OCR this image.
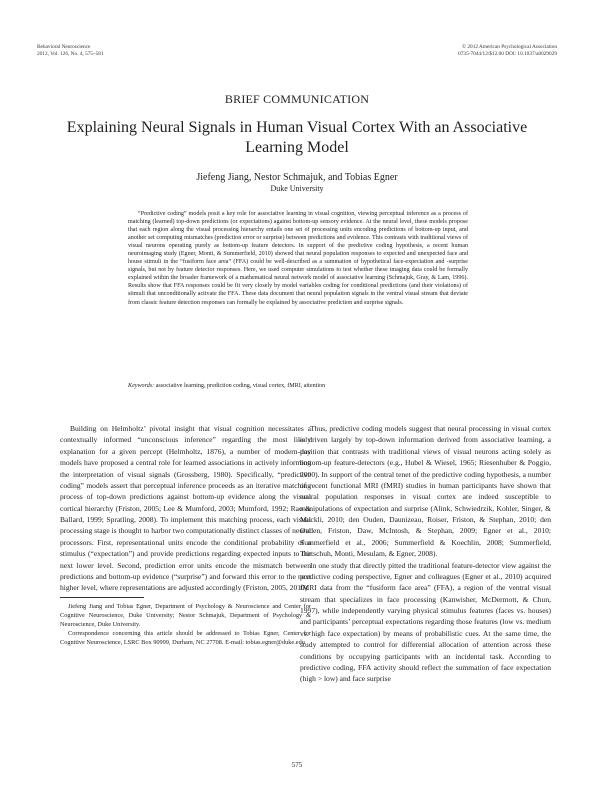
Behavioral Neuroscience
2012, Vol. 126, No. 4, 575–581
© 2012 American Psychological Association
0735-7044/12/$12.00 DOI: 10.1037/a0029029
BRIEF COMMUNICATION
Explaining Neural Signals in Human Visual Cortex With an Associative Learning Model
Jiefeng Jiang, Nestor Schmajuk, and Tobias Egner
Duke University

“Predictive coding” models posit a key role for associative learning in visual cognition, viewing perceptual inference as a process of matching (learned) top-down predictions (or expectations) against bottom-up sensory evidence. At the neural level, these models propose that each region along the visual processing hierarchy entails one set of processing units encoding predictions of bottom-up input, and another set computing mismatches (prediction error or surprise) between predictions and evidence. This contrasts with traditional views of visual neurons operating purely as bottom-up feature detectors. In support of the predictive coding hypothesis, a recent human neuroimaging study (Egner, Monti, & Summerfield, 2010) showed that neural population responses to expected and unexpected face and house stimuli in the “fusiform face area” (FFA) could be well-described as a summation of hypothetical face-expectation and -surprise signals, but not by feature detector responses. Here, we used computer simulations to test whether these imaging data could be formally explained within the broader framework of a mathematical neural network model of associative learning (Schmajuk, Gray, & Lam, 1996). Results show that FFA responses could be fit very closely by model variables coding for conditional predictions (and their violations) of stimuli that unconditionally activate the FFA. These data document that neural population signals in the ventral visual stream that deviate from classic feature detection responses can formally be explained by associative prediction and surprise signals.

Keywords: associative learning, prediction coding, visual cortex, fMRI, attention

Building on Helmholtz’ pivotal insight that visual cognition necessitates a contextually informed “unconscious inference” regarding the most likely explanation for a given percept (Helmholtz, 1876), a number of modern-day models have proposed a central role for learned associations in actively informing the interpretation of visual signals (Grossberg, 1980). Specifically, “predictive coding” models assert that perceptual inference proceeds as an iterative matching process of top-down predictions against bottom-up evidence along the visual cortical hierarchy (Friston, 2005; Lee & Mumford, 2003; Mumford, 1992; Rao & Ballard, 1999; Spratling, 2008). To implement this matching process, each visual processing stage is thought to harbor two computationally distinct classes of neural processors. First, representational units encode the conditional probability of a stimulus (“expectation”) and provide predictions regarding expected inputs to the next lower level. Second, prediction error units encode the mismatch between predictions and bottom-up evidence (“surprise”) and forward this error to the next higher level, where representations are adjusted accordingly (Friston, 2005, 2010).

Thus, predictive coding models suggest that neural processing in visual cortex is driven largely by top-down information derived from associative learning, a position that contrasts with traditional views of visual neurons acting solely as bottom-up feature-detectors (e.g., Hubel & Wiesel, 1965; Riesenhuber & Poggio, 2000). In support of the central tenet of the predictive coding hypothesis, a number of recent functional MRI (fMRI) studies in human participants have shown that neural population responses in visual cortex are indeed susceptible to manipulations of expectation and surprise (Alink, Schwiedrzik, Kohler, Singer, & Muckli, 2010; den Ouden, Daunizeau, Roiser, Friston, & Stephan, 2010; den Ouden, Friston, Daw, McIntosh, & Stephan, 2009; Egner et al., 2010; Summerfield et al., 2006; Summerfield & Koechlin, 2008; Summerfield, Trittschuh, Monti, Mesulam, & Egner, 2008).

In one study that directly pitted the traditional feature-detector view against the predictive coding perspective, Egner and colleagues (Egner et al., 2010) acquired fMRI data from the “fusiform face area” (FFA), a region of the ventral visual stream that specializes in face processing (Kanwisher, McDermott, & Chun, 1997), while independently varying physical stimulus features (faces vs. houses) and participants’ perceptual expectations regarding those features (low vs. medium vs. high face expectation) by means of probabilistic cues. At the same time, the study attempted to control for differential allocation of attention across these conditions by occupying participants with an incidental task. According to predictive coding, FFA activity should reflect the summation of face expectation (high > low) and face surprise

Jiefeng Jiang and Tobias Egner, Department of Psychology & Neuroscience and Center for Cognitive Neuroscience, Duke University; Nestor Schmajuk, Department of Psychology & Neuroscience, Duke University.

Correspondence concerning this article should be addressed to Tobias Egner, Center for Cognitive Neuroscience, LSRC Box 90999, Durham, NC 27708. E-mail: tobias.egner@duke.edu

575
